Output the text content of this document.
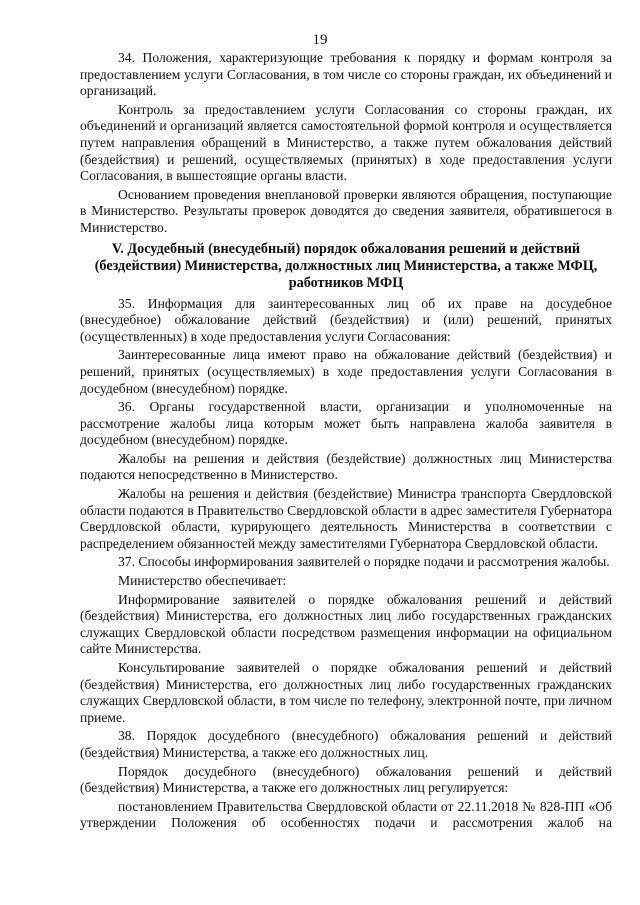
19

34. Положения, характеризующие требования к порядку и формам контроля за предоставлением услуги Согласования, в том числе со стороны граждан, их объединений и организаций.

Контроль за предоставлением услуги Согласования со стороны граждан, их объединений и организаций является самостоятельной формой контроля и осуществляется путем направления обращений в Министерство, а также путем обжалования действий (бездействия) и решений, осуществляемых (принятых) в ходе предоставления услуги Согласования, в вышестоящие органы власти.

Основанием проведения внеплановой проверки являются обращения, поступающие в Министерство. Результаты проверок доводятся до сведения заявителя, обратившегося в Министерство.

V. Досудебный (внесудебный) порядок обжалования решений и действий (бездействия) Министерства, должностных лиц Министерства, а также МФЦ, работников МФЦ

35. Информация для заинтересованных лиц об их праве на досудебное (внесудебное) обжалование действий (бездействия) и (или) решений, принятых (осуществленных) в ходе предоставления услуги Согласования:

Заинтересованные лица имеют право на обжалование действий (бездействия) и решений, принятых (осуществляемых) в ходе предоставления услуги Согласования в досудебном (внесудебном) порядке.

36. Органы государственной власти, организации и уполномоченные на рассмотрение жалобы лица которым может быть направлена жалоба заявителя в досудебном (внесудебном) порядке.

Жалобы на решения и действия (бездействие) должностных лиц Министерства подаются непосредственно в Министерство.

Жалобы на решения и действия (бездействие) Министра транспорта Свердловской области подаются в Правительство Свердловской области в адрес заместителя Губернатора Свердловской области, курирующего деятельность Министерства в соответствии с распределением обязанностей между заместителями Губернатора Свердловской области.

37. Способы информирования заявителей о порядке подачи и рассмотрения жалобы.

Министерство обеспечивает:

Информирование заявителей о порядке обжалования решений и действий (бездействия) Министерства, его должностных лиц либо государственных гражданских служащих Свердловской области посредством размещения информации на официальном сайте Министерства.

Консультирование заявителей о порядке обжалования решений и действий (бездействия) Министерства, его должностных лиц либо государственных гражданских служащих Свердловской области, в том числе по телефону, электронной почте, при личном приеме.

38. Порядок досудебного (внесудебного) обжалования решений и действий (бездействия) Министерства, а также его должностных лиц.

Порядок досудебного (внесудебного) обжалования решений и действий (бездействия) Министерства, а также его должностных лиц регулируется:

постановлением Правительства Свердловской области от 22.11.2018 № 828-ПП «Об утверждении Положения об особенностях подачи и рассмотрения жалоб на
